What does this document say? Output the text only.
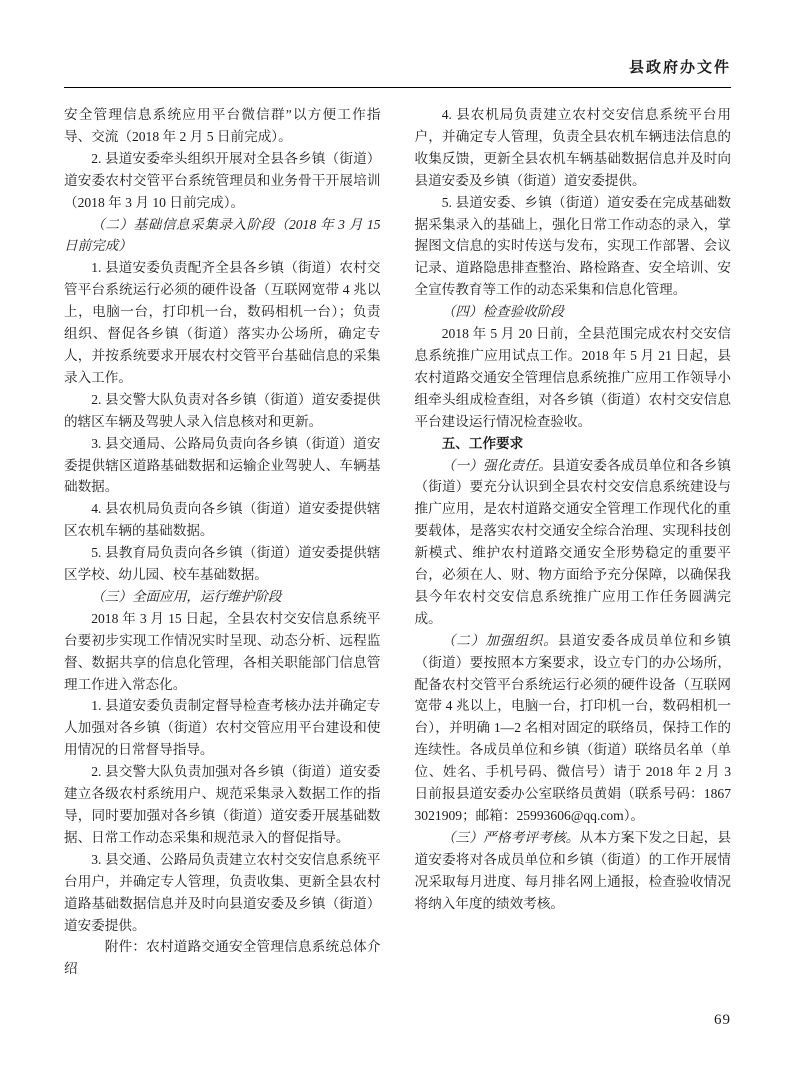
县政府办文件

安全管理信息系统应用平台微信群”以方便工作指导、交流（2018 年 2 月 5 日前完成）。

2. 县道安委牵头组织开展对全县各乡镇（街道）道安委农村交管平台系统管理员和业务骨干开展培训（2018 年 3 月 10 日前完成）。

（二）基础信息采集录入阶段（2018 年 3 月 15 日前完成）

1. 县道安委负责配齐全县各乡镇（街道）农村交管平台系统运行必须的硬件设备（互联网宽带 4 兆以上，电脑一台，打印机一台，数码相机一台）；负责组织、督促各乡镇（街道）落实办公场所，确定专人，并按系统要求开展农村交管平台基础信息的采集录入工作。

2. 县交警大队负责对各乡镇（街道）道安委提供的辖区车辆及驾驶人录入信息核对和更新。

3. 县交通局、公路局负责向各乡镇（街道）道安委提供辖区道路基础数据和运输企业驾驶人、车辆基础数据。

4. 县农机局负责向各乡镇（街道）道安委提供辖区农机车辆的基础数据。

5. 县教育局负责向各乡镇（街道）道安委提供辖区学校、幼儿园、校车基础数据。

（三）全面应用，运行维护阶段

2018 年 3 月 15 日起，全县农村交安信息系统平台要初步实现工作情况实时呈现、动态分析、远程监督、数据共享的信息化管理，各相关职能部门信息管理工作进入常态化。

1. 县道安委负责制定督导检查考核办法并确定专人加强对各乡镇（街道）农村交管应用平台建设和使用情况的日常督导指导。

2. 县交警大队负责加强对各乡镇（街道）道安委建立各级农村系统用户、规范采集录入数据工作的指导，同时要加强对各乡镇（街道）道安委开展基础数据、日常工作动态采集和规范录入的督促指导。

3. 县交通、公路局负责建立农村交安信息系统平台用户，并确定专人管理，负责收集、更新全县农村道路基础数据信息并及时向县道安委及乡镇（街道）道安委提供。

附件：农村道路交通安全管理信息系统总体介绍

4. 县农机局负责建立农村交安信息系统平台用户，并确定专人管理，负责全县农机车辆违法信息的收集反馈，更新全县农机车辆基础数据信息并及时向县道安委及乡镇（街道）道安委提供。

5. 县道安委、乡镇（街道）道安委在完成基础数据采集录入的基础上，强化日常工作动态的录入，掌握图文信息的实时传送与发布，实现工作部署、会议记录、道路隐患排查整治、路检路查、安全培训、安全宣传教育等工作的动态采集和信息化管理。

（四）检查验收阶段

2018 年 5 月 20 日前，全县范围完成农村交安信息系统推广应用试点工作。2018 年 5 月 21 日起，县农村道路交通安全管理信息系统推广应用工作领导小组牵头组成检查组，对各乡镇（街道）农村交安信息平台建设运行情况检查验收。

五、工作要求

（一）强化责任。县道安委各成员单位和各乡镇（街道）要充分认识到全县农村交安信息系统建设与推广应用，是农村道路交通安全管理工作现代化的重要载体，是落实农村交通安全综合治理、实现科技创新模式、维护农村道路交通安全形势稳定的重要平台，必须在人、财、物方面给予充分保障，以确保我县今年农村交安信息系统推广应用工作任务圆满完成。

（二）加强组织。县道安委各成员单位和乡镇（街道）要按照本方案要求，设立专门的办公场所，配备农村交管平台系统运行必须的硬件设备（互联网宽带 4 兆以上，电脑一台，打印机一台，数码相机一台），并明确 1—2 名相对固定的联络员，保持工作的连续性。各成员单位和乡镇（街道）联络员名单（单位、姓名、手机号码、微信号）请于 2018 年 2 月 3 日前报县道安委办公室联络员黄娟（联系号码：18673021909；邮箱：25993606@qq.com）。

（三）严格考评考核。从本方案下发之日起，县道安委将对各成员单位和乡镇（街道）的工作开展情况采取每月进度、每月排名网上通报，检查验收情况将纳入年度的绩效考核。

69
